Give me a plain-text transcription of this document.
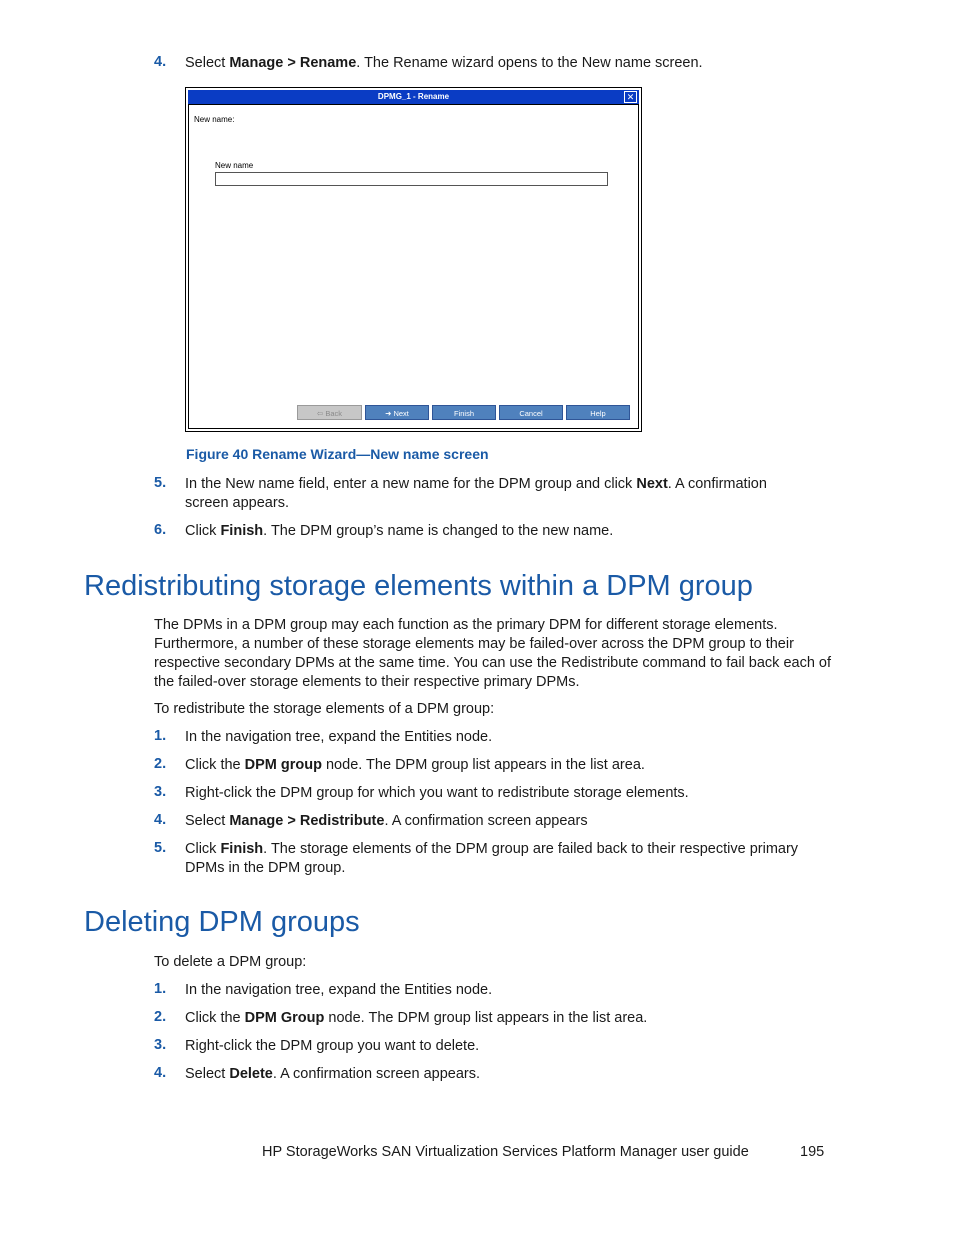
4. Select Manage > Rename. The Rename wizard opens to the New name screen.
DPMG_1 - Rename	✕
New name:
New name
⇦ Back	➜ Next	Finish	Cancel	Help
Figure 40 Rename Wizard—New name screen
5. In the New name field, enter a new name for the DPM group and click Next. A confirmation screen appears.
6. Click Finish. The DPM group’s name is changed to the new name.
Redistributing storage elements within a DPM group
The DPMs in a DPM group may each function as the primary DPM for different storage elements. Furthermore, a number of these storage elements may be failed-over across the DPM group to their respective secondary DPMs at the same time. You can use the Redistribute command to fail back each of the failed-over storage elements to their respective primary DPMs.
To redistribute the storage elements of a DPM group:
1. In the navigation tree, expand the Entities node.
2. Click the DPM group node. The DPM group list appears in the list area.
3. Right-click the DPM group for which you want to redistribute storage elements.
4. Select Manage > Redistribute. A confirmation screen appears
5. Click Finish. The storage elements of the DPM group are failed back to their respective primary DPMs in the DPM group.
Deleting DPM groups
To delete a DPM group:
1. In the navigation tree, expand the Entities node.
2. Click the DPM Group node. The DPM group list appears in the list area.
3. Right-click the DPM group you want to delete.
4. Select Delete. A confirmation screen appears.
HP StorageWorks SAN Virtualization Services Platform Manager user guide	195
